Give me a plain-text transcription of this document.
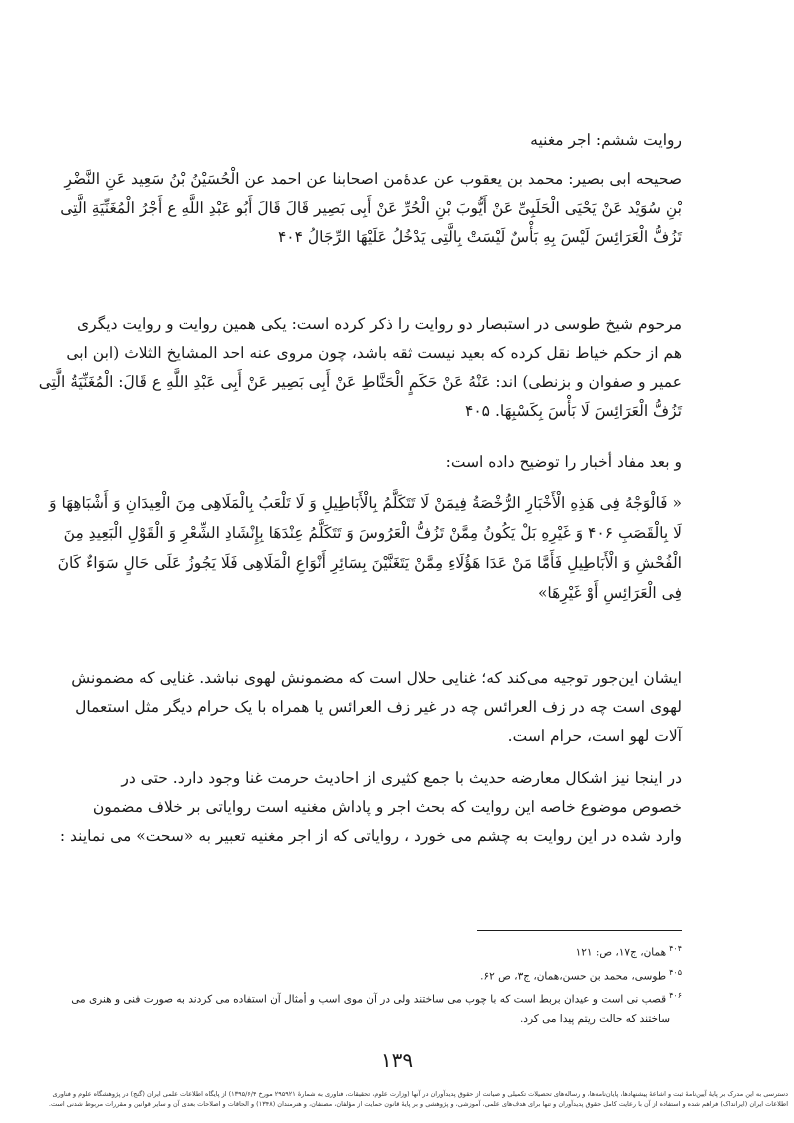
روایت ششم: اجر مغنیه
صحیحه ابی بصیر: محمد بن یعقوب عن عدۀمن اصحابنا عن احمد عن الْحُسَیْنُ بْنُ سَعِید عَنِ النَّضْرِ
بْنِ سُوَیْد عَنْ یَحْیَى الْحَلَبِیِّ عَنْ أَیُّوبَ بْنِ الْحُرِّ عَنْ أَبِی بَصِیر قَالَ قَالَ أَبُو عَبْدِ اللَّهِ ع أَجْرُ الْمُغَنِّیَةِ الَّتِی
تَزُفُّ الْعَرَائِسَ لَیْسَ بِهِ بَأْسٌ لَیْسَتْ بِالَّتِی یَدْخُلُ عَلَیْهَا الرِّجَالُ ۴۰۴
مرحوم شیخ طوسی در استبصار دو روایت را ذکر کرده است: یکی همین روایت و روایت دیگری
هم از حکم خیاط نقل کرده که بعید نیست ثقه باشد، چون مروی عنه احد المشایخ الثلاث (ابن ابی
عمیر و صفوان و بزنطی) اند: عَنْهُ عَنْ حَکَمٍ الْحَنَّاطِ عَنْ أَبِی بَصِیر عَنْ أَبِی عَبْدِ اللَّهِ ع قَالَ: الْمُغَنِّیَةُ الَّتِی
تَزُفُّ الْعَرَائِسَ لَا بَأْسَ بِکَسْبِهَا. ۴۰۵
و بعد مفاد أخبار را توضیح داده است:
« فَالْوَجْهُ فِی هَذِهِ الْأَخْبَارِ الرُّخْصَةُ فِیمَنْ لَا تَتَکَلَّمُ بِالْأَبَاطِیلِ وَ لَا تَلْعَبُ بِالْمَلَاهِی مِنَ الْعِیدَانِ وَ أَشْبَاهِهَا وَ
لَا بِالْقَصَبِ ۴۰۶ وَ غَیْرِهِ بَلْ یَکُونُ مِمَّنْ تَزُفُّ الْعَرُوسَ وَ تَتَکَلَّمُ عِنْدَهَا بِإِنْشَادِ الشِّعْرِ وَ الْقَوْلِ الْبَعِیدِ مِنَ
الْفُحْشِ وَ الْأَبَاطِیلِ فَأَمَّا مَنْ عَدَا هَؤُلَاءِ مِمَّنْ یَتَغَنَّیْنَ بِسَائِرِ أَنْوَاعِ الْمَلَاهِی فَلَا یَجُوزُ عَلَى حَالٍ سَوَاءٌ کَانَ
فِی الْعَرَائِسِ أَوْ غَیْرِهَا»
ایشان این‌جور توجیه می‌کند که؛ غنایی حلال است که مضمونش لهوی نباشد. غنایی که مضمونش
لهوی است چه در زف العرائس چه در غیر زف العرائس یا همراه با یک حرام دیگر مثل استعمال
آلات لهو است، حرام است.
در اینجا نیز اشکال معارضه حدیث با جمع کثیری از احادیث حرمت غنا وجود دارد. حتی در
خصوص موضوع خاصه این روایت که بحث اجر و پاداش مغنیه است روایاتی بر خلاف مضمون
وارد شده در این روایت به چشم می خورد ، روایاتی که از اجر مغنیه تعبیر به «سحت» می نمایند :
$^{۴۰۴}$همان، ج۱۷، ص: ۱۲۱
$^{۴۰۵}$طوسی، محمد بن حسن،همان، ج۳، ص ۶۲.
$^{۴۰۶}$قصب نی است و عیدان بربط است که با چوب می ساختند ولی در آن موی اسب و أمثال آن استفاده می کردند به صورت فنی و هنری می
ساختند که حالت ریتم پیدا می کرد.
۱۳۹
دسترسی به این مدرک بر پایۀ آیین‌نامۀ ثبت و اشاعۀ پیشنهادها، پایان‌نامه‌ها، و رساله‌های تحصیلات تکمیلی و صیانت از حقوق پدیدآوران در آنها (وزارت علوم، تحقیقات، فناوری به شمارۀ ۲۹۵۹۲۱ مورخ ۱۳۹۵/۶/۴) از پایگاه اطلاعات علمی ایران (گنج) در پژوهشگاه علوم و فناوری
اطلاعات ایران (ایرانداک) فراهم شده و استفاده از آن با رعایت کامل حقوق پدیدآوران و تنها برای هدف‌های علمی، آموزشی، و پژوهشی و بر پایۀ قانون حمایت از مؤلفان، مصنفان، و هنرمندان (۱۳۴۸) و الحاقات و اصلاحات بعدی آن و سایر قوانین و مقررات مربوط شدنی است.
